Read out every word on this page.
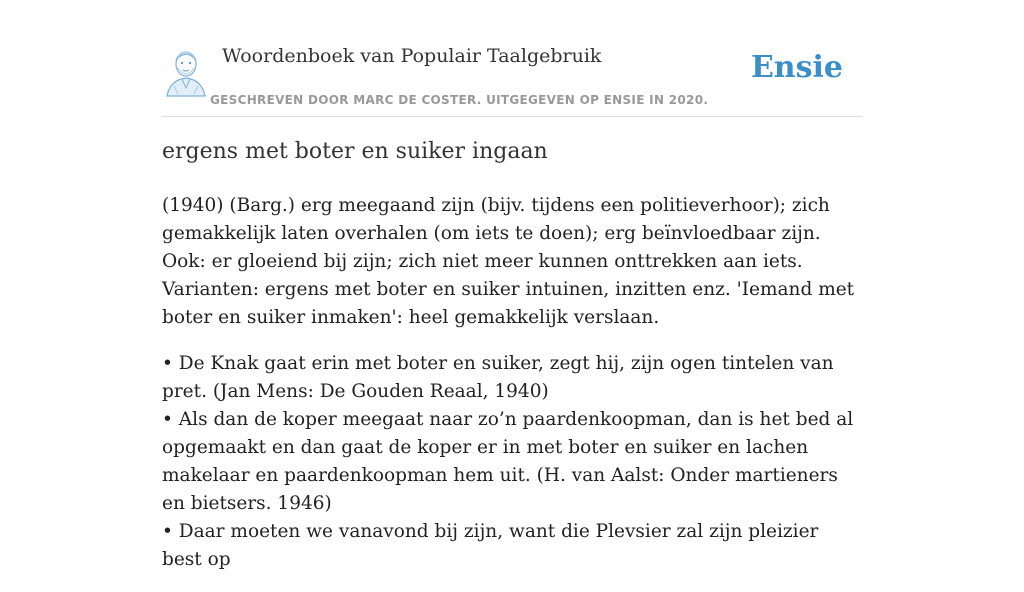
Woordenboek van Populair Taalgebruik
GESCHREVEN DOOR MARC DE COSTER. UITGEGEVEN OP ENSIE IN 2020.
Ensie
ergens met boter en suiker ingaan

(1940) (Barg.) erg meegaand zijn (bijv. tijdens een politieverhoor); zich gemakkelijk laten overhalen (om iets te doen); erg beïnvloedbaar zijn. Ook: er gloeiend bij zijn; zich niet meer kunnen onttrekken aan iets. Varianten: ergens met boter en suiker intuinen, inzitten enz. 'Iemand met boter en suiker inmaken': heel gemakkelijk verslaan.

• De Knak gaat erin met boter en suiker, zegt hij, zijn ogen tintelen van pret. (Jan Mens: De Gouden Reaal, 1940)
• Als dan de koper meegaat naar zo’n paardenkoopman, dan is het bed al opgemaakt en dan gaat de koper er in met boter en suiker en lachen makelaar en paardenkoopman hem uit. (H. van Aalst: Onder martieners en bietsers. 1946)
• Daar moeten we vanavond bij zijn, want die Plevsier zal zijn pleizier best op
